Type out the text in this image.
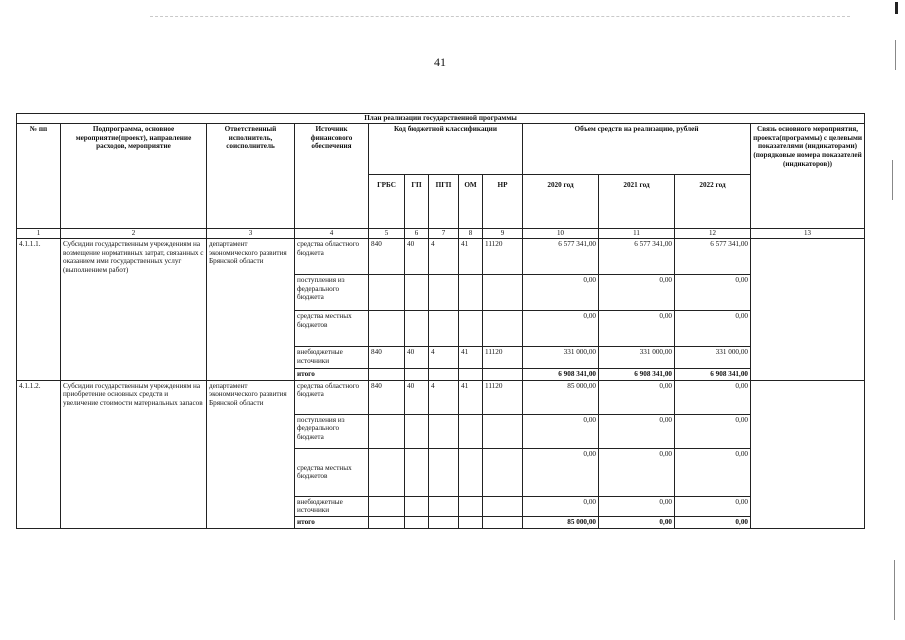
41
План реализации государственной программы												
№ пп	Подпрограмма, основное мероприятие(проект), направление расходов, мероприятие	Ответственный исполнитель, соисполнитель	Источник финансового обеспечения	Код бюджетной классификации					Объем средств на реализацию, рублей			Связь основного мероприятия, проекта(программы) с целевыми показателями (индикаторами) (порядковые номера показателей (индикаторов))
				ГРБС	ГП	ПГП	ОМ	НР	2020 год	2021 год	2022 год	
1	2	3	4	5	6	7	8	9	10	11	12	13
4.1.1.1.	Субсидии государственным учреждениям на возмещение нормативных затрат, связанных с оказанием ими государственных услуг (выполнением работ)	департамент экономического развития Брянской области	средства областного бюджета	840	40	4	41	11120	6 577 341,00	6 577 341,00	6 577 341,00	
			поступления из федерального бюджета						0,00	0,00	0,00	
			средства местных бюджетов						0,00	0,00	0,00	
			внебюджетные источники	840	40	4	41	11120	331 000,00	331 000,00	331 000,00	
			итого						6 908 341,00	6 908 341,00	6 908 341,00	
4.1.1.2.	Субсидии государственным учреждениям на приобретение основных средств и увеличение стоимости материальных запасов	департамент экономического развития Брянской области	средства областного бюджета	840	40	4	41	11120	85 000,00	0,00	0,00	
			поступления из федерального бюджета						0,00	0,00	0,00	
			средства местных бюджетов						0,00	0,00	0,00	
			внебюджетные источники						0,00	0,00	0,00	
			итого						85 000,00	0,00	0,00	
